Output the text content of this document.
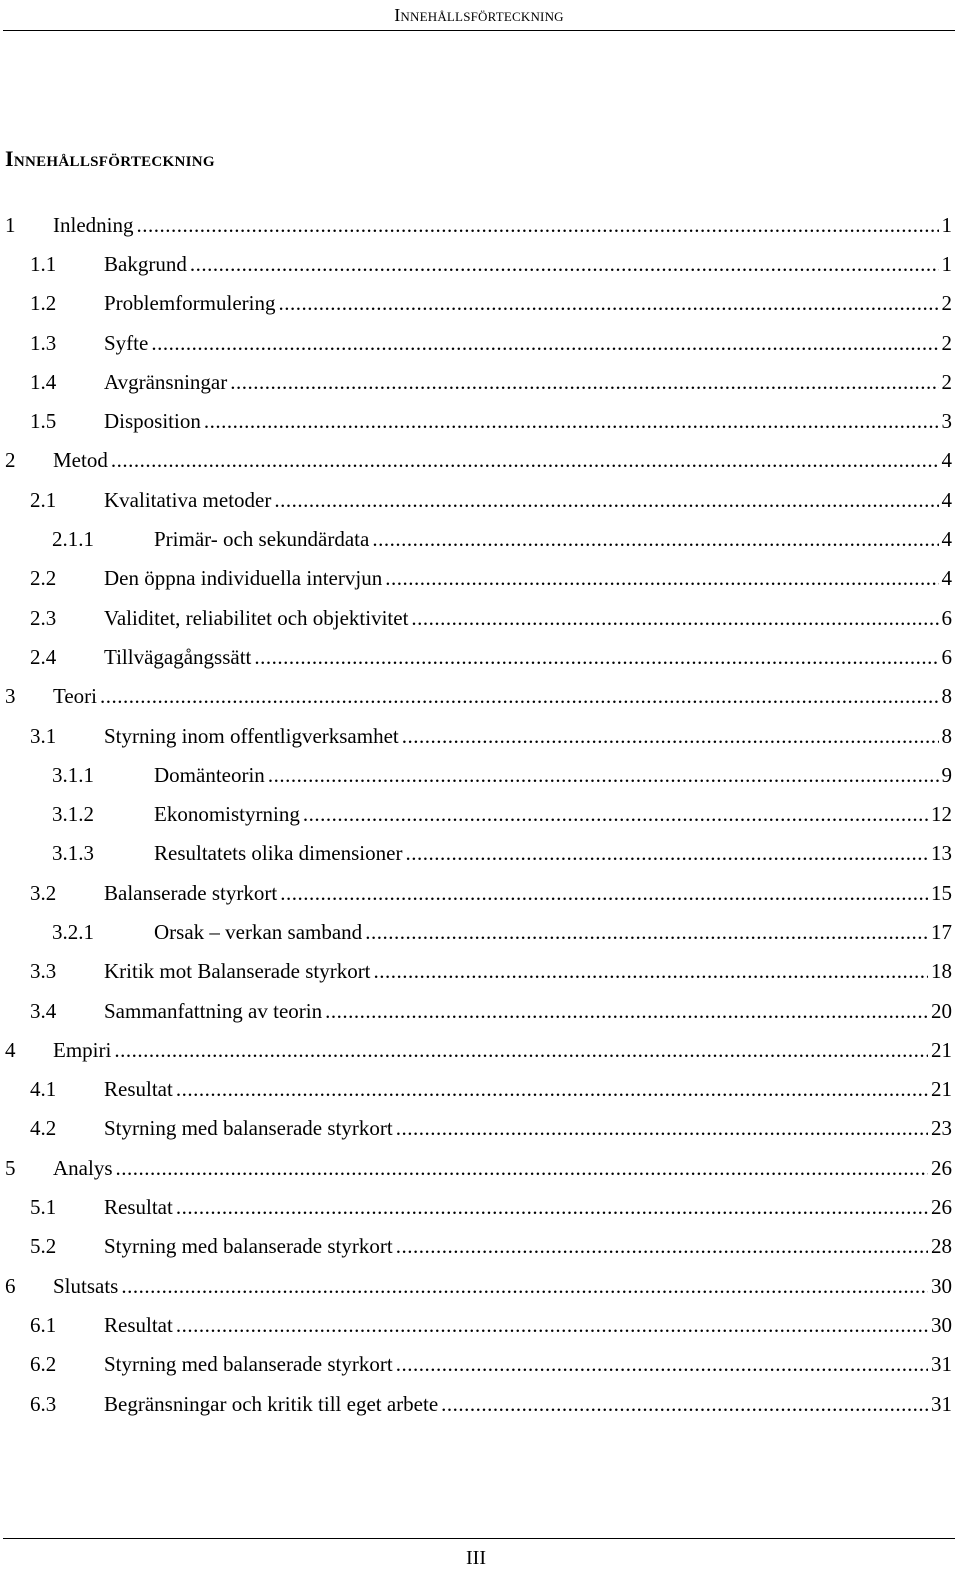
Innehållsförteckning
Innehållsförteckning
1	Inledning .....	1
1.1	Bakgrund .....	1
1.2	Problemformulering .....	2
1.3	Syfte .....	2
1.4	Avgränsningar .....	2
1.5	Disposition .....	3
2	Metod .....	4
2.1	Kvalitativa metoder .....	4
2.1.1	Primär- och sekundärdata .....	4
2.2	Den öppna individuella intervjun .....	4
2.3	Validitet, reliabilitet och objektivitet .....	6
2.4	Tillvägagångssätt .....	6
3	Teori .....	8
3.1	Styrning inom offentligverksamhet .....	8
3.1.1	Domänteorin .....	9
3.1.2	Ekonomistyrning .....	12
3.1.3	Resultatets olika dimensioner .....	13
3.2	Balanserade styrkort .....	15
3.2.1	Orsak – verkan samband .....	17
3.3	Kritik mot Balanserade styrkort .....	18
3.4	Sammanfattning av teorin .....	20
4	Empiri .....	21
4.1	Resultat .....	21
4.2	Styrning med balanserade styrkort .....	23
5	Analys .....	26
5.1	Resultat .....	26
5.2	Styrning med balanserade styrkort .....	28
6	Slutsats .....	30
6.1	Resultat .....	30
6.2	Styrning med balanserade styrkort .....	31
6.3	Begränsningar och kritik till eget arbete .....	31
III
